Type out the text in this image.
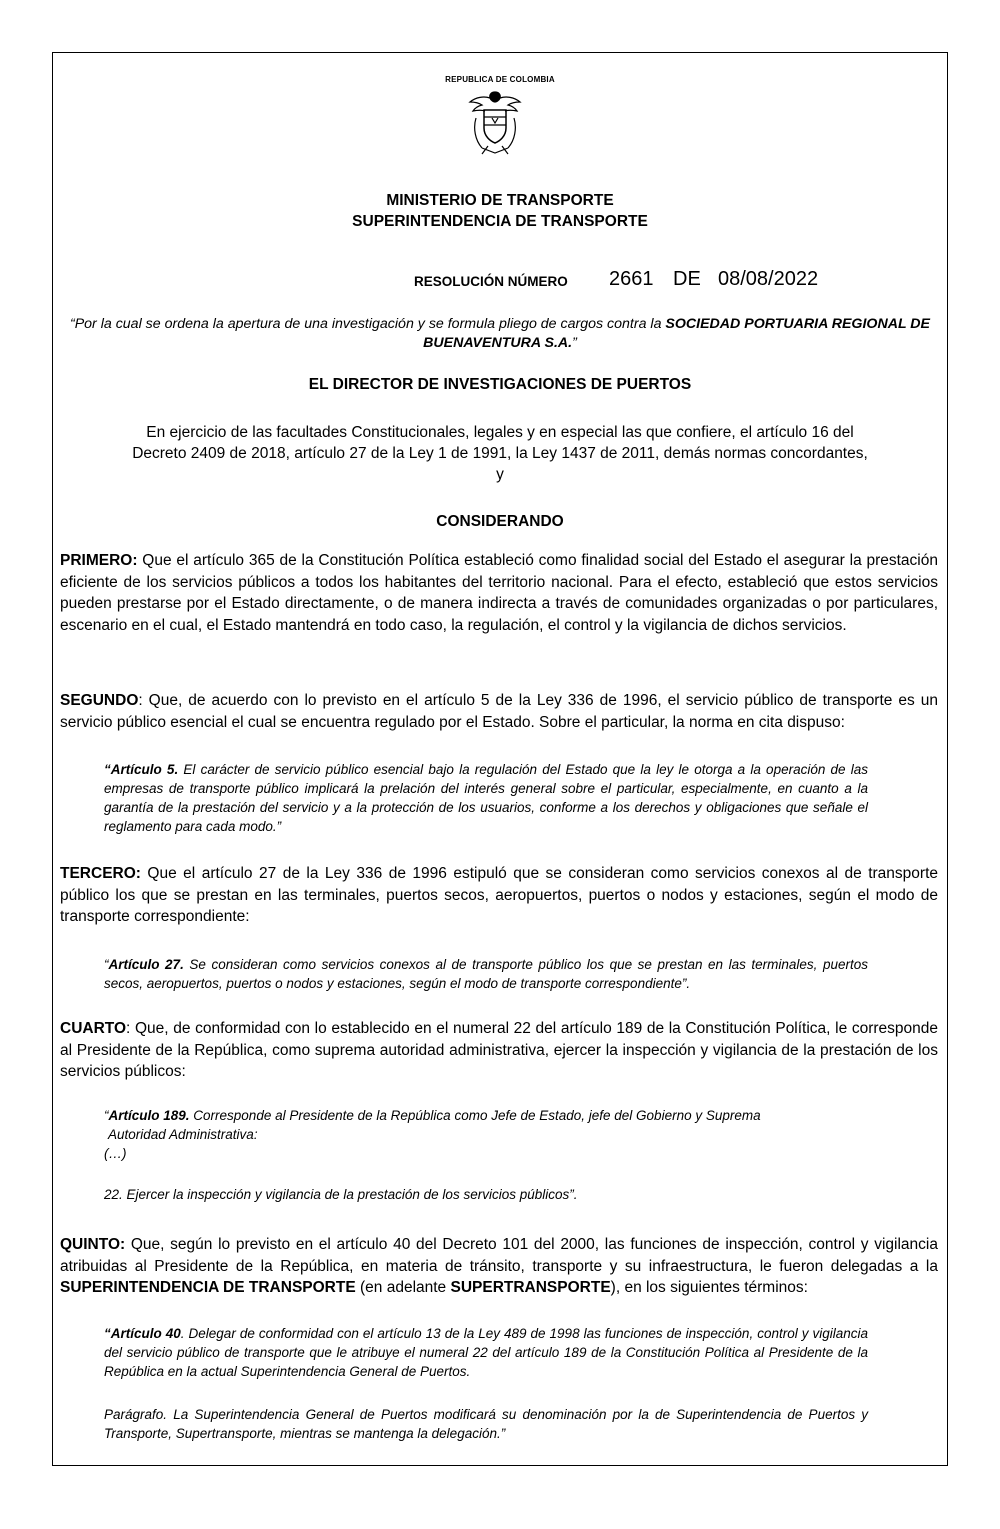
REPUBLICA DE COLOMBIA
MINISTERIO DE TRANSPORTE
SUPERINTENDENCIA DE TRANSPORTE
RESOLUCIÓN NÚMERO 2661 DE 08/08/2022
“Por la cual se ordena la apertura de una investigación y se formula pliego de cargos contra la SOCIEDAD PORTUARIA REGIONAL DE BUENAVENTURA S.A.”
EL DIRECTOR DE INVESTIGACIONES DE PUERTOS
En ejercicio de las facultades Constitucionales, legales y en especial las que confiere, el artículo 16 del
Decreto 2409 de 2018, artículo 27 de la Ley 1 de 1991, la Ley 1437 de 2011, demás normas concordantes,
y
CONSIDERANDO

PRIMERO: Que el artículo 365 de la Constitución Política estableció como finalidad social del Estado el asegurar la prestación eficiente de los servicios públicos a todos los habitantes del territorio nacional. Para el efecto, estableció que estos servicios pueden prestarse por el Estado directamente, o de manera indirecta a través de comunidades organizadas o por particulares, escenario en el cual, el Estado mantendrá en todo caso, la regulación, el control y la vigilancia de dichos servicios.

SEGUNDO: Que, de acuerdo con lo previsto en el artículo 5 de la Ley 336 de 1996, el servicio público de transporte es un servicio público esencial el cual se encuentra regulado por el Estado. Sobre el particular, la norma en cita dispuso:

“Artículo 5. El carácter de servicio público esencial bajo la regulación del Estado que la ley le otorga a la operación de las empresas de transporte público implicará la prelación del interés general sobre el particular, especialmente, en cuanto a la garantía de la prestación del servicio y a la protección de los usuarios, conforme a los derechos y obligaciones que señale el reglamento para cada modo.”

TERCERO: Que el artículo 27 de la Ley 336 de 1996 estipuló que se consideran como servicios conexos al de transporte público los que se prestan en las terminales, puertos secos, aeropuertos, puertos o nodos y estaciones, según el modo de transporte correspondiente:

“Artículo 27. Se consideran como servicios conexos al de transporte público los que se prestan en las terminales, puertos secos, aeropuertos, puertos o nodos y estaciones, según el modo de transporte correspondiente”.

CUARTO: Que, de conformidad con lo establecido en el numeral 22 del artículo 189 de la Constitución Política, le corresponde al Presidente de la República, como suprema autoridad administrativa, ejercer la inspección y vigilancia de la prestación de los servicios públicos:

“Artículo 189. Corresponde al Presidente de la República como Jefe de Estado, jefe del Gobierno y Suprema
Autoridad Administrativa:
(…)
22. Ejercer la inspección y vigilancia de la prestación de los servicios públicos”.

QUINTO: Que, según lo previsto en el artículo 40 del Decreto 101 del 2000, las funciones de inspección, control y vigilancia atribuidas al Presidente de la República, en materia de tránsito, transporte y su infraestructura, le fueron delegadas a la SUPERINTENDENCIA DE TRANSPORTE (en adelante SUPERTRANSPORTE), en los siguientes términos:

“Artículo 40. Delegar de conformidad con el artículo 13 de la Ley 489 de 1998 las funciones de inspección, control y vigilancia del servicio público de transporte que le atribuye el numeral 22 del artículo 189 de la Constitución Política al Presidente de la República en la actual Superintendencia General de Puertos.

Parágrafo. La Superintendencia General de Puertos modificará su denominación por la de Superintendencia de Puertos y Transporte, Supertransporte, mientras se mantenga la delegación.”
